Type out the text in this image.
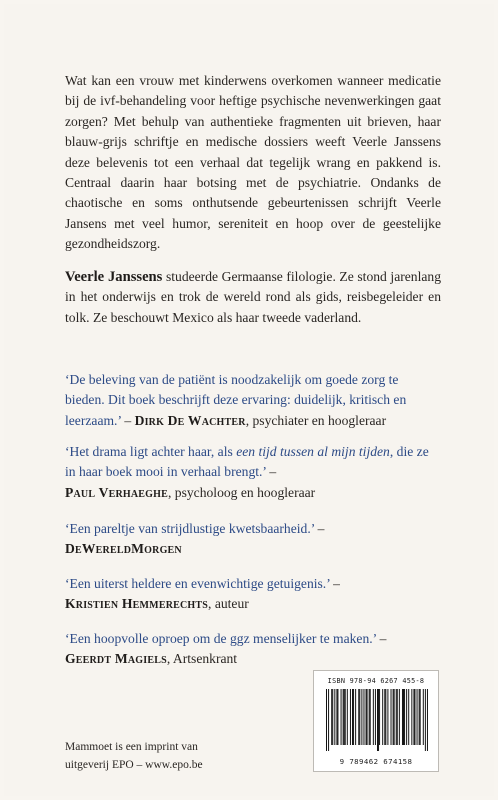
Wat kan een vrouw met kinderwens overkomen wanneer medicatie bij de ivf-behandeling voor heftige psychische nevenwerkingen gaat zorgen? Met behulp van authentieke fragmenten uit brieven, haar blauw-grijs schriftje en medische dossiers weeft Veerle Janssens deze belevenis tot een verhaal dat tegelijk wrang en pakkend is. Centraal daarin haar botsing met de psychiatrie. Ondanks de chaotische en soms onthutsende gebeurtenissen schrijft Veerle Jansens met veel humor, sereniteit en hoop over de geestelijke gezondheidszorg.

Veerle Janssens studeerde Germaanse filologie. Ze stond jarenlang in het onderwijs en trok de wereld rond als gids, reisbegeleider en tolk. Ze beschouwt Mexico als haar tweede vaderland.

‘De beleving van de patiënt is noodzakelijk om goede zorg te bieden. Dit boek beschrijft deze ervaring: duidelijk, kritisch en leerzaam.’ – Dirk De Wachter, psychiater en hoogleraar

‘Het drama ligt achter haar, als een tijd tussen al mijn tijden, die ze in haar boek mooi in verhaal brengt.’ –
Paul Verhaeghe, psycholoog en hoogleraar

‘Een pareltje van strijdlustige kwetsbaarheid.’ –
DeWereldMorgen

‘Een uiterst heldere en evenwichtige getuigenis.’ –
Kristien Hemmerechts, auteur

‘Een hoopvolle oproep om de ggz menselijker te maken.’ –
Geerdt Magiels, Artsenkrant

Mammoet is een imprint van
uitgeverij EPO – www.epo.be

ISBN 978-94 6267 455-8
9 789462 674158
